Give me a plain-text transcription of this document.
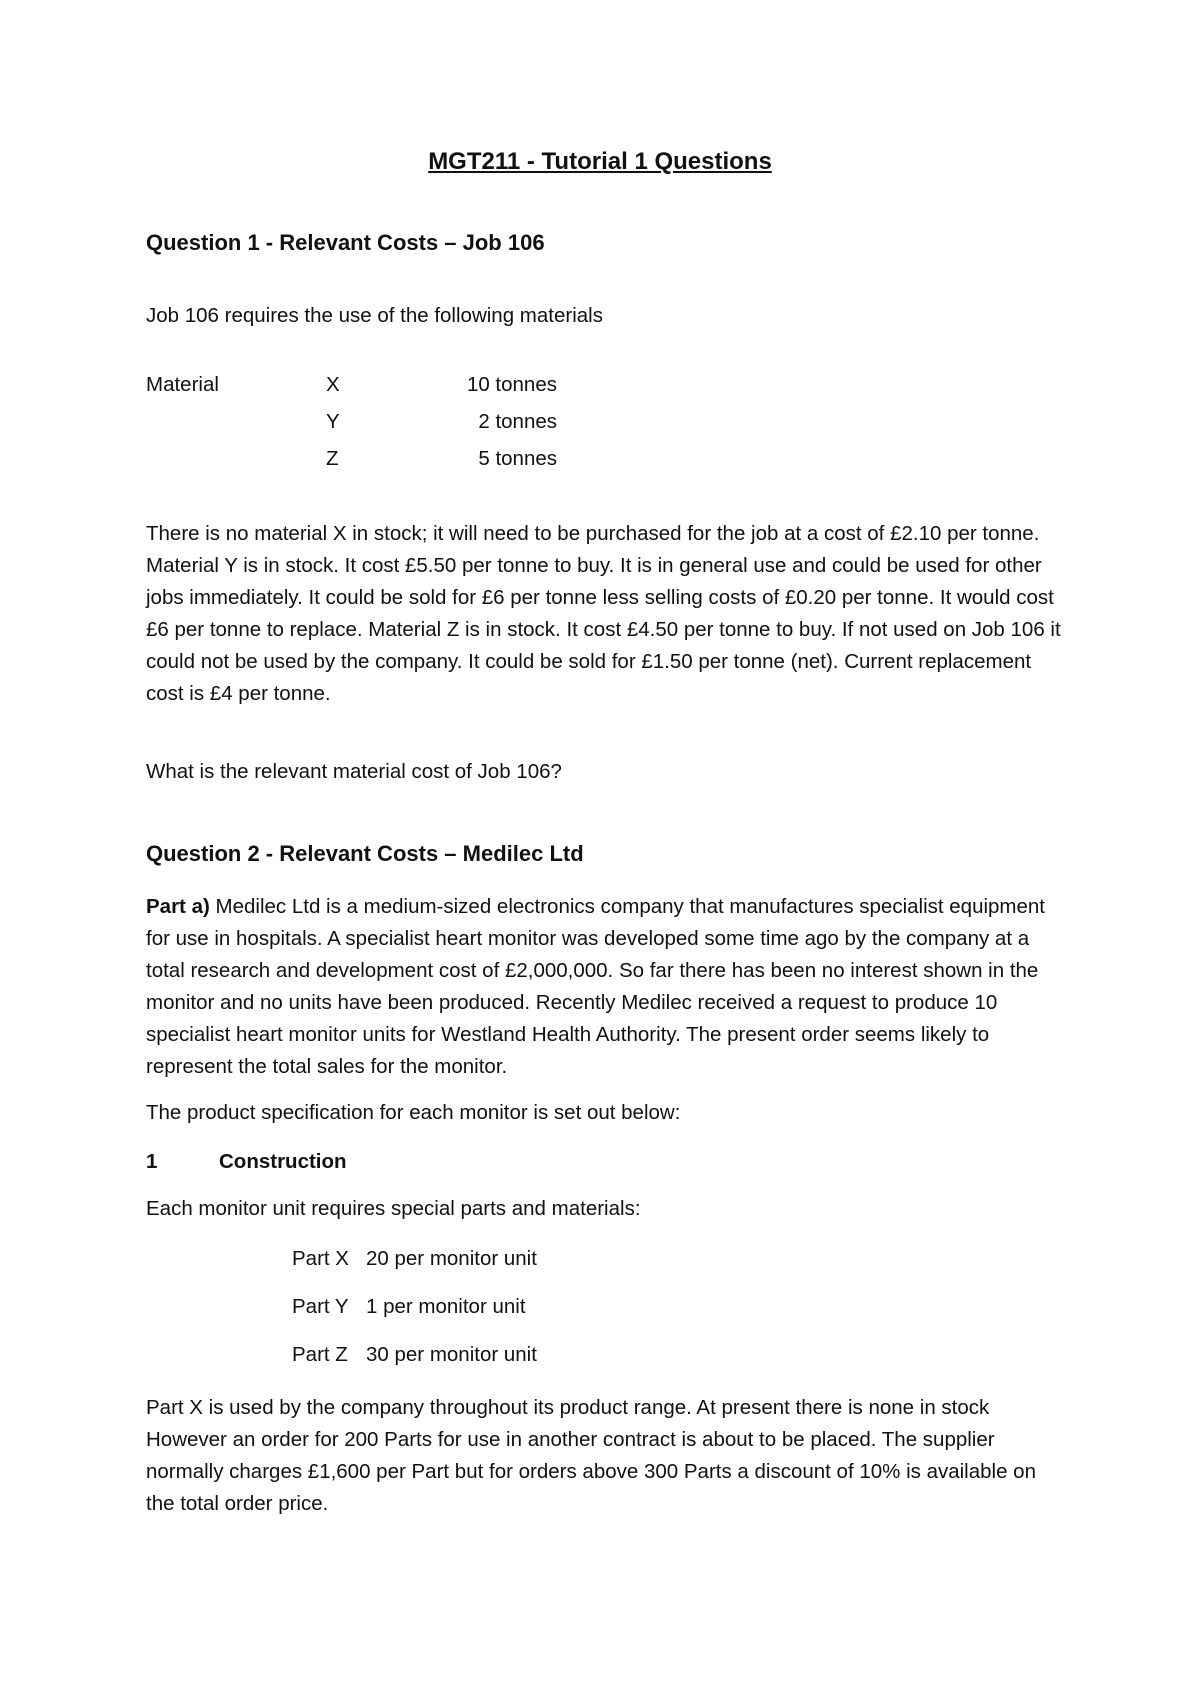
MGT211 - Tutorial 1 Questions
Question 1 - Relevant Costs – Job 106
Job 106 requires the use of the following materials
Material	X	10 tonnes
	Y	2 tonnes
	Z	5 tonnes
There is no material X in stock; it will need to be purchased for the job at a cost of £2.10 per tonne. Material Y is in stock. It cost £5.50 per tonne to buy. It is in general use and could be used for other jobs immediately. It could be sold for £6 per tonne less selling costs of £0.20 per tonne. It would cost £6 per tonne to replace. Material Z is in stock. It cost £4.50 per tonne to buy. If not used on Job 106 it could not be used by the company. It could be sold for £1.50 per tonne (net). Current replacement cost is £4 per tonne.
What is the relevant material cost of Job 106?
Question 2 - Relevant Costs – Medilec Ltd
Part a) Medilec Ltd is a medium-sized electronics company that manufactures specialist equipment for use in hospitals. A specialist heart monitor was developed some time ago by the company at a total research and development cost of £2,000,000. So far there has been no interest shown in the monitor and no units have been produced. Recently Medilec received a request to produce 10 specialist heart monitor units for Westland Health Authority. The present order seems likely to represent the total sales for the monitor.
The product specification for each monitor is set out below:
1	Construction
Each monitor unit requires special parts and materials:
Part X 20 per monitor unit
Part Y 1 per monitor unit
Part Z 30 per monitor unit
Part X is used by the company throughout its product range. At present there is none in stock However an order for 200 Parts for use in another contract is about to be placed. The supplier normally charges £1,600 per Part but for orders above 300 Parts a discount of 10% is available on the total order price.
